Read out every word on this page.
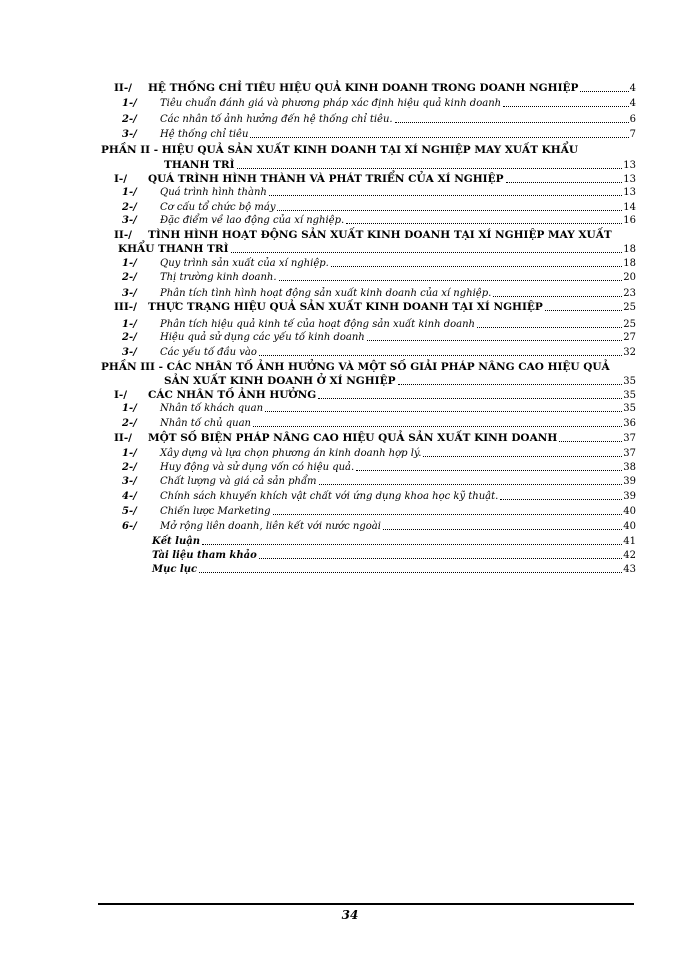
II-/	HỆ THỐNG CHỈ TIÊU HIỆU QUẢ KINH DOANH TRONG DOANH NGHIỆP	4
1-/	Tiêu chuẩn đánh giá và phương pháp xác định hiệu quả kinh doanh	4
2-/	Các nhân tố ảnh hưởng đến hệ thống chỉ tiêu.	6
3-/	Hệ thống chỉ tiêu	7
PHẦN II - HIỆU QUẢ SẢN XUẤT KINH DOANH TẠI XÍ NGHIỆP MAY XUẤT KHẨU
THANH TRÌ	13
I-/	QUÁ TRÌNH HÌNH THÀNH VÀ PHÁT TRIỂN CỦA XÍ NGHIỆP	13
1-/	Quá trình hình thành	13
2-/	Cơ cấu tổ chức bộ máy	14
3-/	Đặc điểm về lao động của xí nghiệp.	16
II-/	TÌNH HÌNH HOẠT ĐỘNG SẢN XUẤT KINH DOANH TẠI XÍ NGHIỆP MAY XUẤT
KHẨU THANH TRÌ	18
1-/	Quy trình sản xuất của xí nghiệp.	18
2-/	Thị trường kinh doanh.	20
3-/	Phân tích tình hình hoạt động sản xuất kinh doanh của xí nghiệp.	23
III-/	THỰC TRẠNG HIỆU QUẢ SẢN XUẤT KINH DOANH TẠI XÍ NGHIỆP	25
1-/	Phân tích hiệu quả kinh tế của hoạt động sản xuất kinh doanh	25
2-/	Hiệu quả sử dụng các yếu tố kinh doanh	27
3-/	Các yếu tố đầu vào	32
PHẦN III - CÁC NHÂN TỐ ẢNH HƯỞNG VÀ MỘT SỐ GIẢI PHÁP NÂNG CAO HIỆU QUẢ
SẢN XUẤT KINH DOANH Ở XÍ NGHIỆP	35
I-/	CÁC NHÂN TỐ ẢNH HƯỞNG	35
1-/	Nhân tố khách quan	35
2-/	Nhân tố chủ quan	36
II-/	MỘT SỐ BIỆN PHÁP NÂNG CAO HIỆU QUẢ SẢN XUẤT KINH DOANH	37
1-/	Xây dựng và lựa chọn phương án kinh doanh hợp lý.	37
2-/	Huy động và sử dụng vốn có hiệu quả.	38
3-/	Chất lượng và giá cả sản phẩm	39
4-/	Chính sách khuyến khích vật chất với ứng dụng khoa học kỹ thuật.	39
5-/	Chiến lược Marketing	40
6-/	Mở rộng liên doanh, liên kết với nước ngoài	40
Kết luận	41
Tài liệu tham khảo	42
Mục lục	43
34
